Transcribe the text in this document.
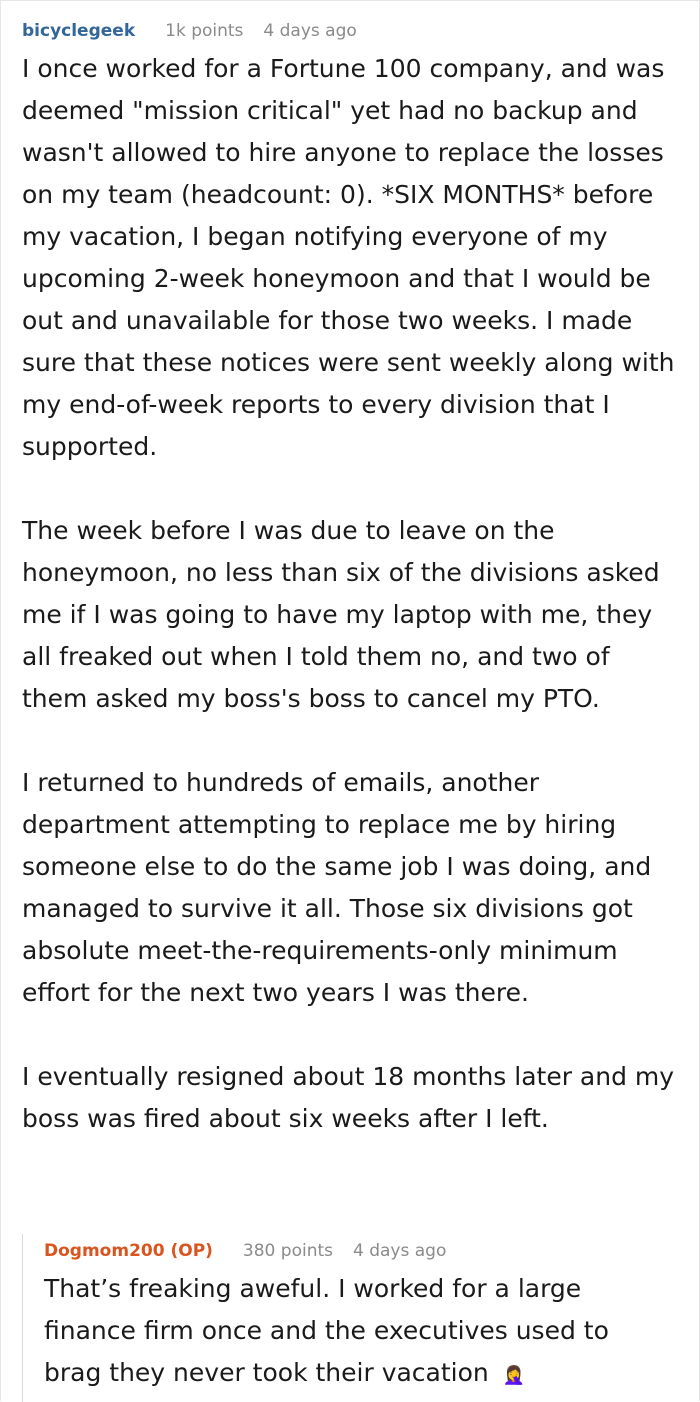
bicyclegeek 1k points 4 days ago

I once worked for a Fortune 100 company, and was deemed "mission critical" yet had no backup and wasn't allowed to hire anyone to replace the losses on my team (headcount: 0). *SIX MONTHS* before my vacation, I began notifying everyone of my upcoming 2-week honeymoon and that I would be out and unavailable for those two weeks. I made sure that these notices were sent weekly along with my end-of-week reports to every division that I supported.

The week before I was due to leave on the honeymoon, no less than six of the divisions asked me if I was going to have my laptop with me, they all freaked out when I told them no, and two of them asked my boss's boss to cancel my PTO.

I returned to hundreds of emails, another department attempting to replace me by hiring someone else to do the same job I was doing, and managed to survive it all. Those six divisions got absolute meet-the-requirements-only minimum effort for the next two years I was there.

I eventually resigned about 18 months later and my boss was fired about six weeks after I left.

Dogmom200 (OP) 380 points 4 days ago
That’s freaking aweful. I worked for a large finance firm once and the executives used to brag they never took their vacation 🤦‍♀️
